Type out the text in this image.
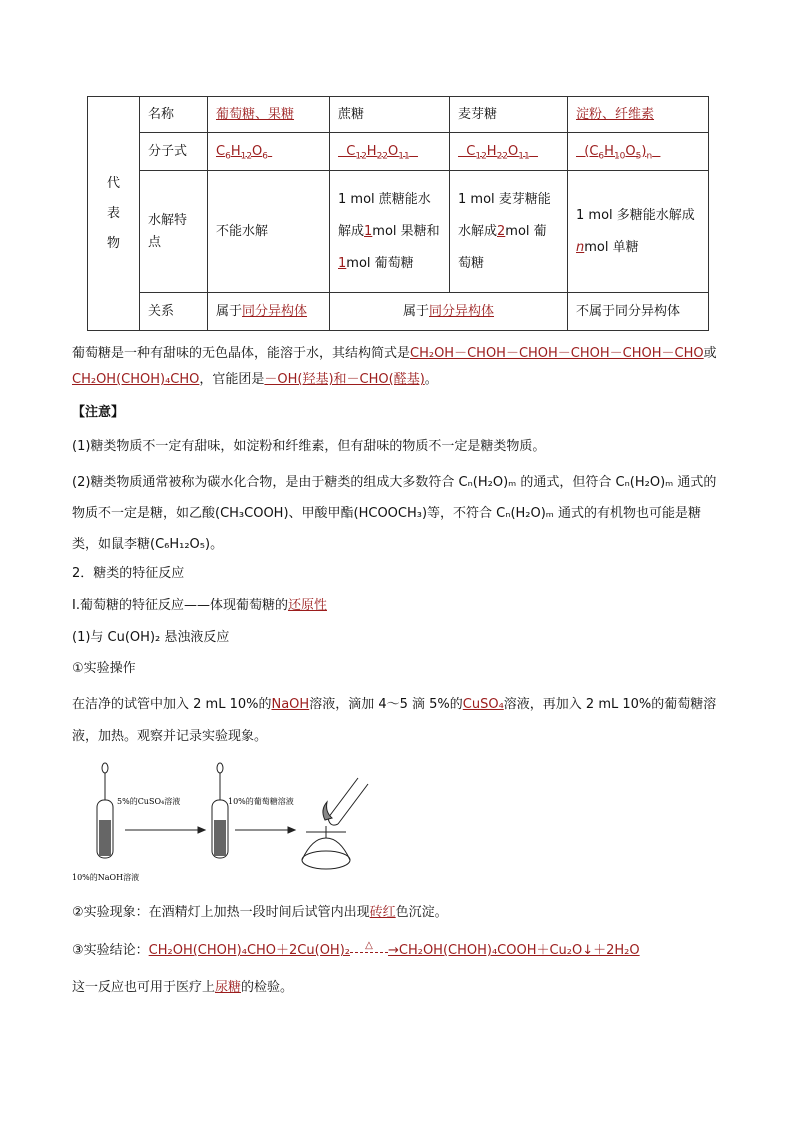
代
表
物	名称	葡萄糖、果糖	蔗糖	麦芽糖	淀粉、纤维素
	分子式	$C_6H_{12}O_6$	$C_{12}H_{22}O_{11}$	$C_{12}H_{22}O_{11}$	$(C_6H_{10}O_5)_n$
	水解特点	不能水解	1 mol 蔗糖能水解成1mol 果糖和1mol 葡萄糖	1 mol 麦芽糖能水解成2mol 葡萄糖	1 mol 多糖能水解成nmol 单糖
	关系	属于同分异构体	属于同分异构体		不属于同分异构体

葡萄糖是一种有甜味的无色晶体，能溶于水，其结构简式是CH₂OH－CHOH－CHOH－CHOH－CHOH－CHO或CH₂OH(CHOH)₄CHO，官能团是－OH(羟基)和－CHO(醛基)。

【注意】

(1)糖类物质不一定有甜味，如淀粉和纤维素，但有甜味的物质不一定是糖类物质。

(2)糖类物质通常被称为碳水化合物，是由于糖类的组成大多数符合 Cₙ(H₂O)ₘ 的通式，但符合 Cₙ(H₂O)ₘ 通式的物质不一定是糖，如乙酸(CH₃COOH)、甲酸甲酯(HCOOCH₃)等，不符合 Cₙ(H₂O)ₘ 通式的有机物也可能是糖类，如鼠李糖(C₆H₁₂O₅)。

2．糖类的特征反应

Ⅰ.葡萄糖的特征反应——体现葡萄糖的还原性

(1)与 Cu(OH)₂ 悬浊液反应

①实验操作

在洁净的试管中加入 2 mL 10%的NaOH溶液，滴加 4～5 滴 5%的CuSO₄溶液，再加入 2 mL 10%的葡萄糖溶液，加热。观察并记录实验现象。

5%的CuSO₄溶液	10%的葡萄糖溶液
10%的NaOH溶液

②实验现象：在酒精灯上加热一段时间后试管内出现砖红色沉淀。

③实验结论：CH₂OH(CHOH)₄CHO＋2Cu(OH)₂ △ →CH₂OH(CHOH)₄COOH＋Cu₂O↓＋2H₂O

这一反应也可用于医疗上尿糖的检验。
